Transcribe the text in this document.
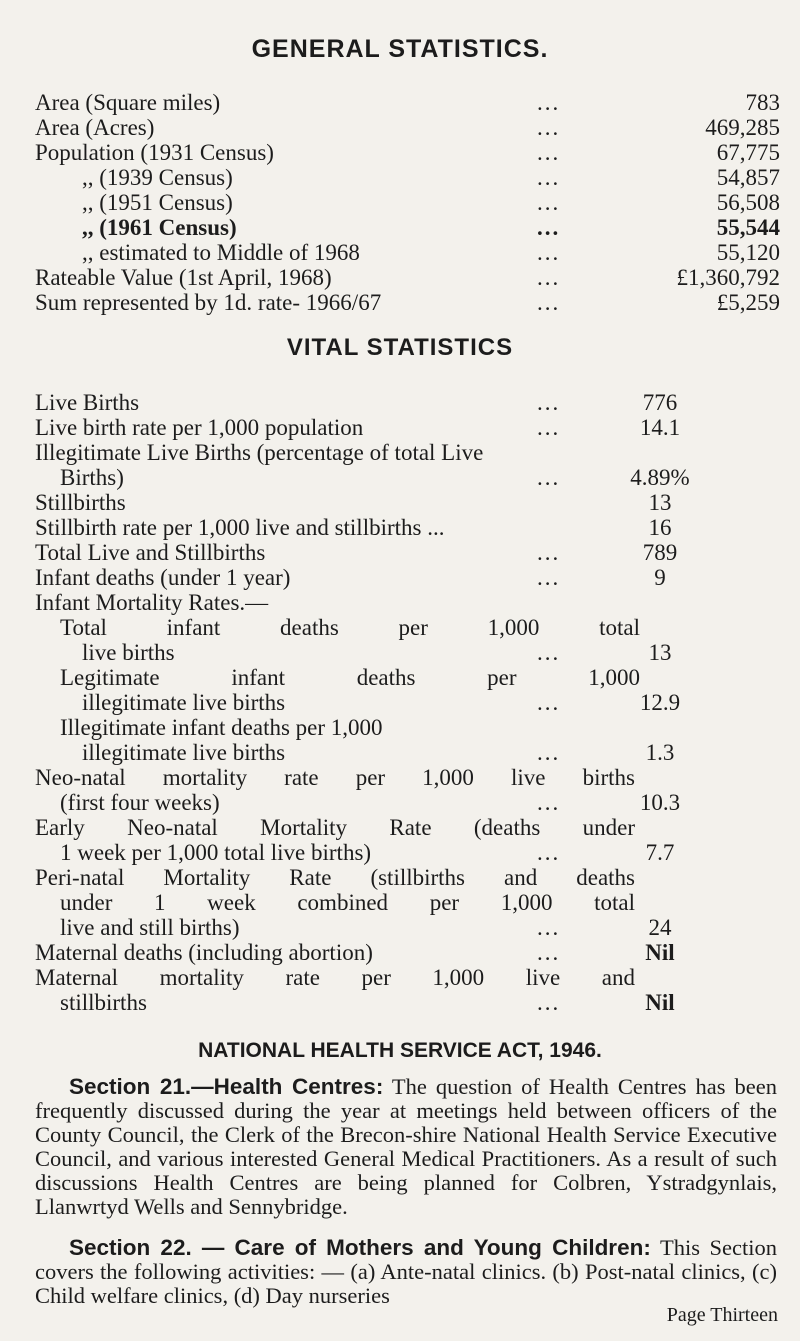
GENERAL STATISTICS.
Area (Square miles)	...	783
Area (Acres)	...	469,285
Population (1931 Census)	...	67,775
,, (1939 Census)	...	54,857
,, (1951 Census)	...	56,508
,, (1961 Census)	...	55,544
,, estimated to Middle of 1968	...	55,120
Rateable Value (1st April, 1968)	...	£1,360,792
Sum represented by 1d. rate- 1966/67	...	£5,259
VITAL STATISTICS
Live Births	...	776
Live birth rate per 1,000 population	...	14.1
Illegitimate Live Births (percentage of total Live
Births)	...	4.89%
Stillbirths	13
Stillbirth rate per 1,000 live and stillbirths ...	16
Total Live and Stillbirths	...	789
Infant deaths (under 1 year)	...	9
Infant Mortality Rates.—
Total infant deaths per 1,000 total
live births	...	13
Legitimate infant deaths per 1,000
illegitimate live births	...	12.9
Illegitimate infant deaths per 1,000
illegitimate live births	...	1.3
Neo-natal mortality rate per 1,000 live births
(first four weeks)	...	10.3
Early Neo-natal Mortality Rate (deaths under
1 week per 1,000 total live births)	...	7.7
Peri-natal Mortality Rate (stillbirths and deaths
under 1 week combined per 1,000 total
live and still births)	...	24
Page Thirteen
Maternal deaths (including abortion)	...	Nil
Maternal mortality rate per 1,000 live and
stillbirths	...	Nil
NATIONAL HEALTH SERVICE ACT, 1946.

Section 21.—Health Centres: The question of Health Centres has been frequently discussed during the year at meetings held between officers of the County Council, the Clerk of the Brecon-shire National Health Service Executive Council, and various interested General Medical Practitioners. As a result of such discussions Health Centres are being planned for Colbren, Ystradgynlais, Llanwrtyd Wells and Sennybridge.

Section 22. — Care of Mothers and Young Children: This Section covers the following activities: — (a) Ante-natal clinics. (b) Post-natal clinics, (c) Child welfare clinics, (d) Day nurseries
